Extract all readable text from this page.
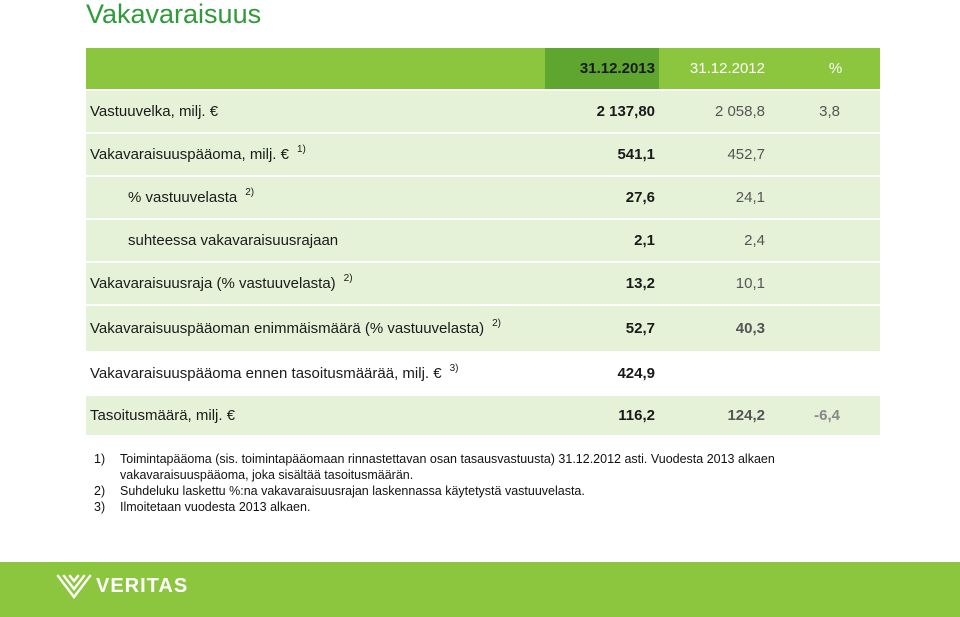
Vakavaraisuus
31.12.2013	31.12.2012	%
Vastuuvelka, milj. €	2 137,80	2 058,8	3,8
Vakavaraisuuspääoma, milj. € $^{1)}$	541,1	452,7
% vastuuvelasta $^{2)}$	27,6	24,1
suhteessa vakavaraisuusrajaan	2,1	2,4
Vakavaraisuusraja (% vastuuvelasta) $^{2)}$	13,2	10,1
Vakavaraisuuspääoman enimmäismäärä (% vastuuvelasta) $^{2)}$	52,7	40,3
Vakavaraisuuspääoma ennen tasoitusmäärää, milj. € $^{3)}$	424,9
Tasoitusmäärä, milj. €	116,2	124,2	-6,4
1)	Toimintapääoma (sis. toimintapääomaan rinnastettavan osan tasausvastuusta) 31.12.2012 asti. Vuodesta 2013 alkaen vakavaraisuuspääoma, joka sisältää tasoitusmäärän.
2)	Suhdeluku laskettu %:na vakavaraisuusrajan laskennassa käytetystä vastuuvelasta.
3)	Ilmoitetaan vuodesta 2013 alkaen.
VERITAS
